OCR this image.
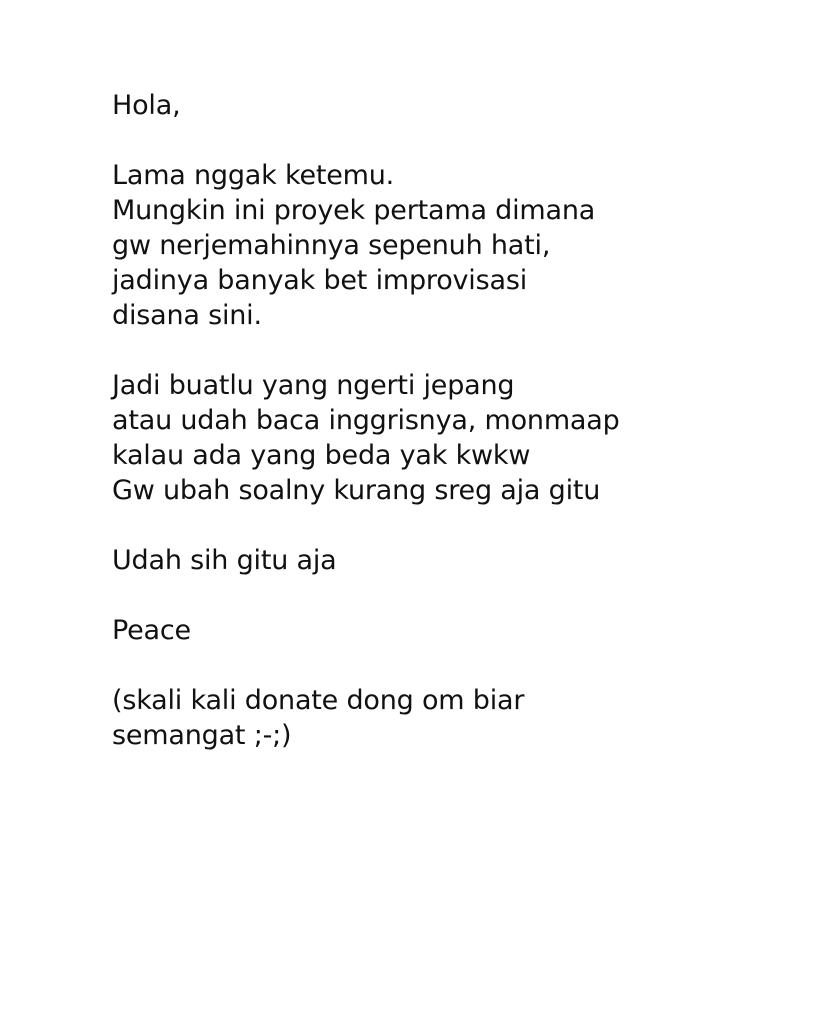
Hola,

Lama nggak ketemu.
Mungkin ini proyek pertama dimana
gw nerjemahinnya sepenuh hati,
jadinya banyak bet improvisasi
disana sini.

Jadi buatlu yang ngerti jepang
atau udah baca inggrisnya, monmaap
kalau ada yang beda yak kwkw
Gw ubah soalny kurang sreg aja gitu

Udah sih gitu aja

Peace

(skali kali donate dong om biar
semangat ;-;)
